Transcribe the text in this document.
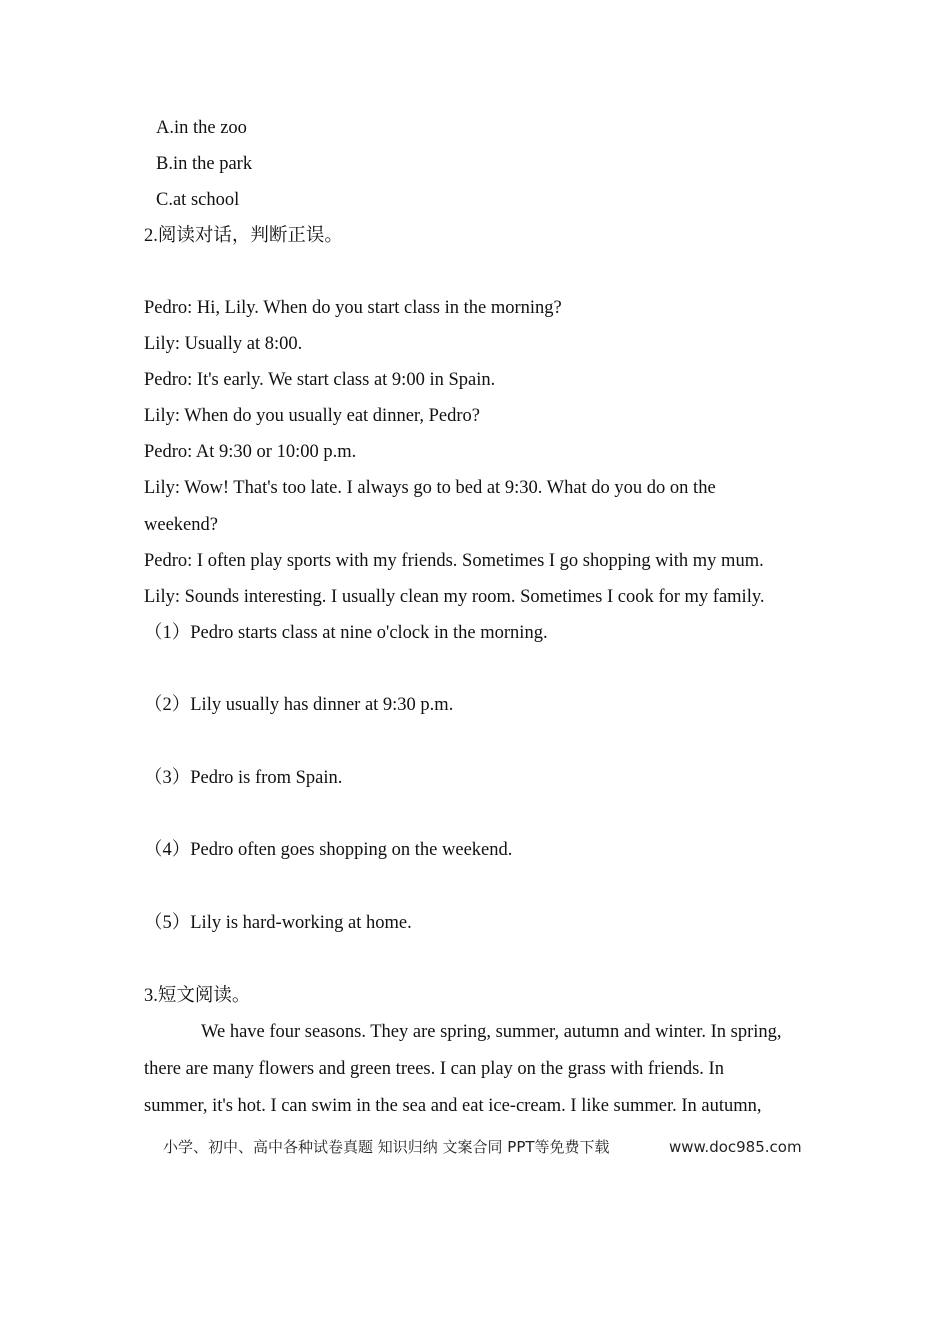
A.in the zoo
B.in the park
C.at school
2.阅读对话，判断正误。
Pedro: Hi, Lily. When do you start class in the morning?
Lily: Usually at 8:00.
Pedro: It's early. We start class at 9:00 in Spain.
Lily: When do you usually eat dinner, Pedro?
Pedro: At 9:30 or 10:00 p.m.
Lily: Wow! That's too late. I always go to bed at 9:30. What do you do on the
weekend?
Pedro: I often play sports with my friends. Sometimes I go shopping with my mum.
Lily: Sounds interesting. I usually clean my room. Sometimes I cook for my family.
（1）Pedro starts class at nine o'clock in the morning.
（2）Lily usually has dinner at 9:30 p.m.
（3）Pedro is from Spain.
（4）Pedro often goes shopping on the weekend.
（5）Lily is hard-working at home.
3.短文阅读。
We have four seasons. They are spring, summer, autumn and winter. In spring,
there are many flowers and green trees. I can play on the grass with friends. In
summer, it's hot. I can swim in the sea and eat ice-cream. I like summer. In autumn,
小学、初中、高中各种试卷真题 知识归纳 文案合同 PPT等免费下载	www.doc985.com
